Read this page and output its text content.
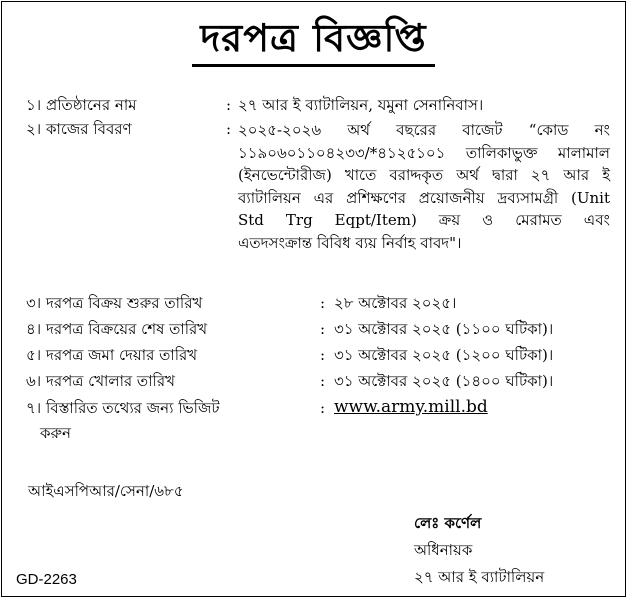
দরপত্র বিজ্ঞপ্তি
১। প্রতিষ্ঠানের নাম	: ২৭ আর ই ব্যাটালিয়ন, যমুনা সেনানিবাস।
২। কাজের বিবরণ	: ২০২৫-২০২৬ অর্থ বছরের বাজেট “কোড নং
১১৯০৬০১১০৪২৩৩/*৪১২৫১০১ তালিকাভুক্ত মালামাল
(ইনভেন্টোরীজ) খাতে বরাদ্দকৃত অর্থ দ্বারা ২৭ আর ই
ব্যাটালিয়ন এর প্রশিক্ষণের প্রয়োজনীয় দ্রব্যসামগ্রী (Unit
Std Trg Eqpt/Item) ক্রয় ও মেরামত এবং
এতদসংক্রান্ত বিবিধ ব্যয় নির্বাহ বাবদ"।
৩। দরপত্র বিক্রয় শুরুর তারিখ	: ২৮ অক্টোবর ২০২৫।
৪। দরপত্র বিক্রয়ের শেষ তারিখ	: ৩১ অক্টোবর ২০২৫ (১১০০ ঘটিকা)।
৫। দরপত্র জমা দেয়ার তারিখ	: ৩১ অক্টোবর ২০২৫ (১২০০ ঘটিকা)।
৬। দরপত্র খোলার তারিখ	: ৩১ অক্টোবর ২০২৫ (১৪০০ ঘটিকা)।
৭। বিস্তারিত তথ্যের জন্য ভিজিট	: www.army.mill.bd
করুন
আইএসপিআর/সেনা/৬৮৫
লেঃ কর্ণেল
অধিনায়ক
২৭ আর ই ব্যাটালিয়ন
GD-2263
